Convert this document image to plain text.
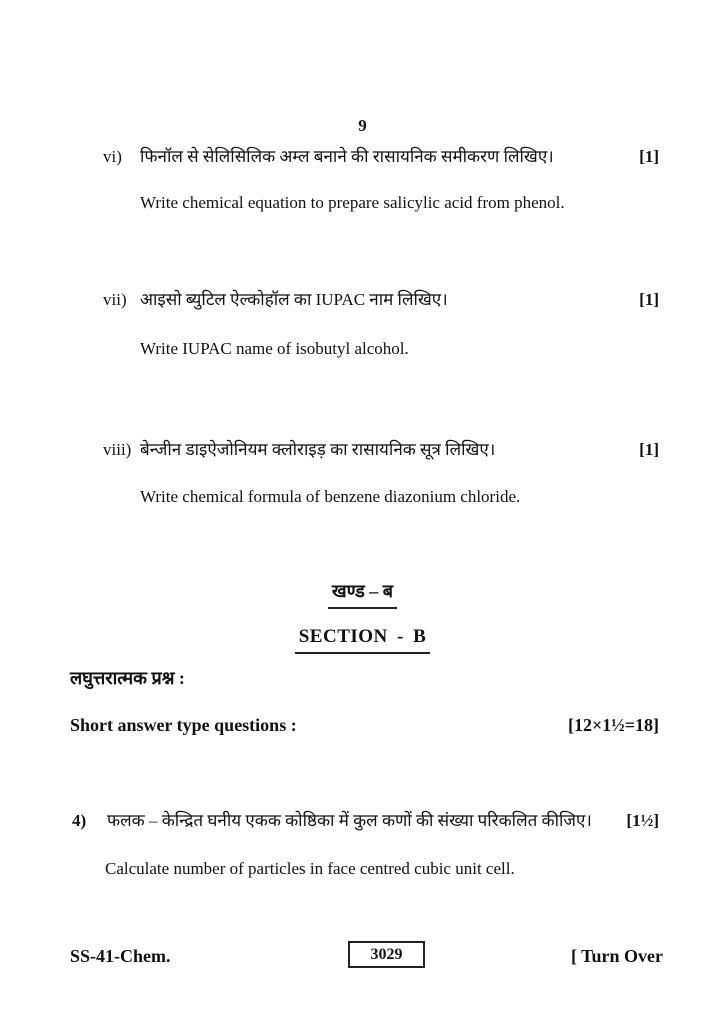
9
vi)	फिनॉल से सेलिसिलिक अम्ल बनाने की रासायनिक समीकरण लिखिए।	[1]
Write chemical equation to prepare salicylic acid from phenol.
vii) आइसो ब्युटिल ऐल्कोहॉल का IUPAC नाम लिखिए।	[1]
Write IUPAC name of isobutyl alcohol.
viii) बेन्जीन डाइऐजोनियम क्लोराइड़ का रासायनिक सूत्र लिखिए।	[1]
Write chemical formula of benzene diazonium chloride.
खण्ड – ब
SECTION - B
लघुत्तरात्मक प्रश्न :
Short answer type questions :	[12×1½=18]
4)	फलक – केन्द्रित घनीय एकक कोष्ठिका में कुल कणों की संख्या परिकलित कीजिए।	[1½]
Calculate number of particles in face centred cubic unit cell.
SS-41-Chem.	3029	[ Turn Over
